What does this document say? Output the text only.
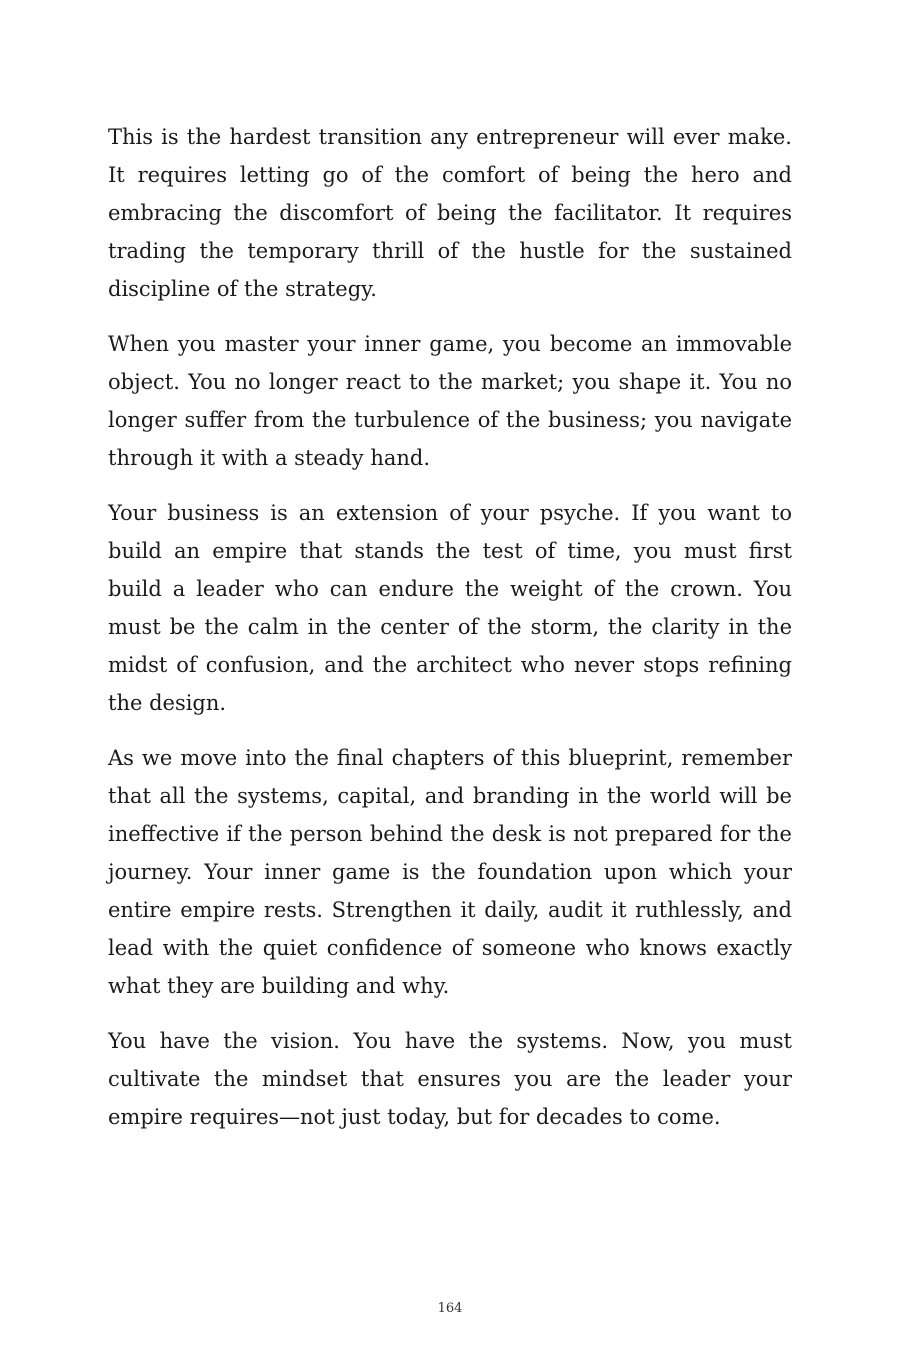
This is the hardest transition any entrepreneur will ever make. It requires letting go of the comfort of being the hero and embracing the discomfort of being the facilitator. It requires trading the temporary thrill of the hustle for the sustained discipline of the strategy.

When you master your inner game, you become an immovable object. You no longer react to the market; you shape it. You no longer suffer from the turbulence of the business; you navigate through it with a steady hand.

Your business is an extension of your psyche. If you want to build an empire that stands the test of time, you must first build a leader who can endure the weight of the crown. You must be the calm in the center of the storm, the clarity in the midst of confusion, and the architect who never stops refining the design.

As we move into the final chapters of this blueprint, remember that all the systems, capital, and branding in the world will be ineffective if the person behind the desk is not prepared for the journey. Your inner game is the foundation upon which your entire empire rests. Strengthen it daily, audit it ruthlessly, and lead with the quiet confidence of someone who knows exactly what they are building and why.

You have the vision. You have the systems. Now, you must cultivate the mindset that ensures you are the leader your empire requires—not just today, but for decades to come.

164
